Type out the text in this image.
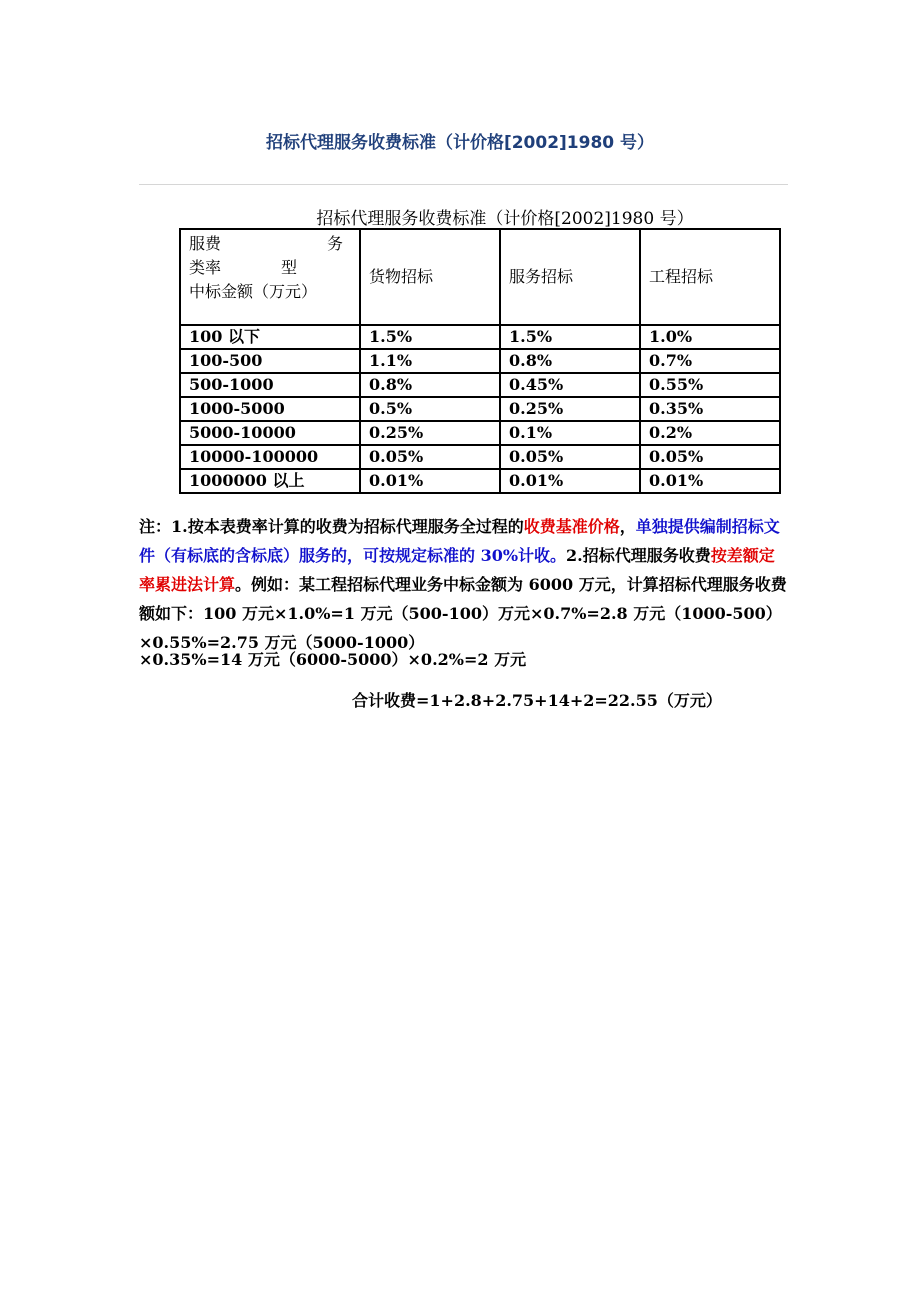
招标代理服务收费标准（计价格[2002]1980 号）
招标代理服务收费标准（计价格[2002]1980 号）
服费 务
类率 型
中标金额（万元）	货物招标	服务招标	工程招标
100 以下	1.5%	1.5%	1.0%
100-500	1.1%	0.8%	0.7%
500-1000	0.8%	0.45%	0.55%
1000-5000	0.5%	0.25%	0.35%
5000-10000	0.25%	0.1%	0.2%
10000-100000	0.05%	0.05%	0.05%
1000000 以上	0.01%	0.01%	0.01%
注：1.按本表费率计算的收费为招标代理服务全过程的收费基准价格，单独提供编制招标文件（有标底的含标底）服务的，可按规定标准的 30%计收。2.招标代理服务收费按差额定率累进法计算。例如：某工程招标代理业务中标金额为 6000 万元，计算招标代理服务收费额如下：100 万元×1.0%=1 万元（500-100）万元×0.7%=2.8 万元（1000-500）×0.55%=2.75 万元（5000-1000）
×0.35%=14 万元（6000-5000）×0.2%=2 万元
合计收费=1+2.8+2.75+14+2=22.55（万元）
